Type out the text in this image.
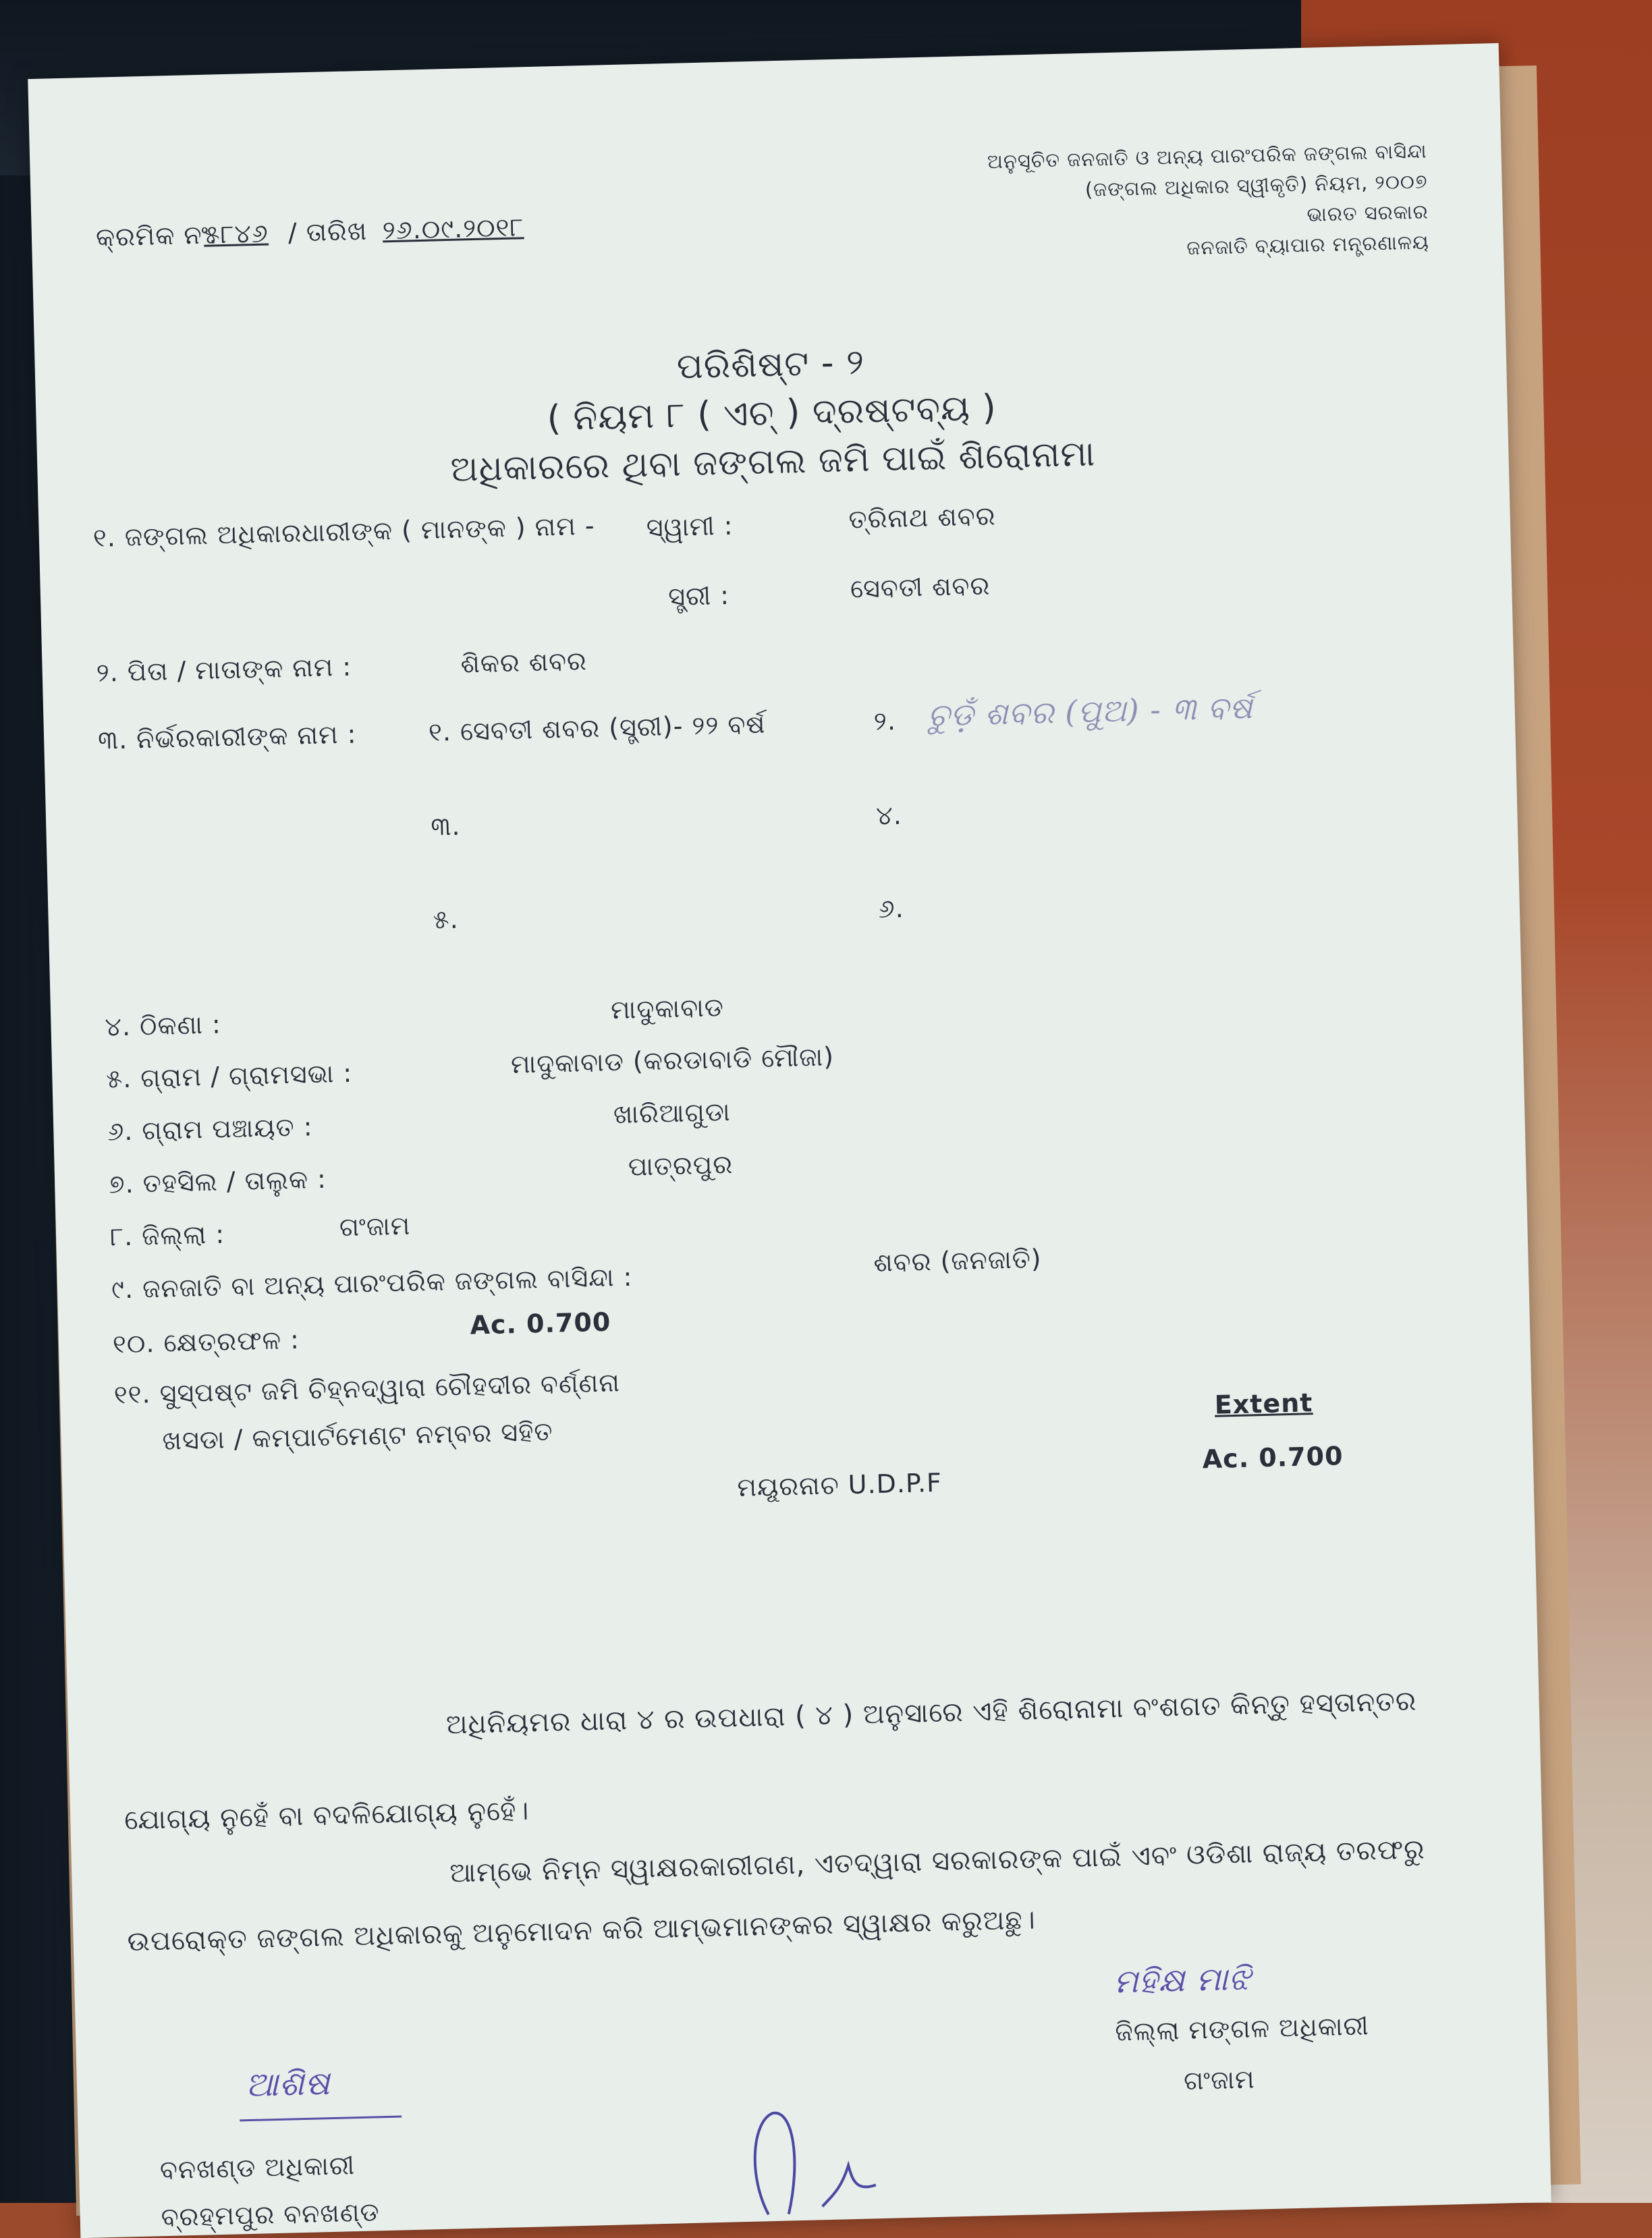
କ୍ରମିକ ନଂ.
୫୮୪୬ / ତାରିଖ ୨୬.୦୯.୨୦୧୮
ଅନୁସୂଚିତ ଜନଜାତି ଓ ଅନ୍ୟ ପାରଂପରିକ ଜଙ୍ଗଲ ବାସିନ୍ଦା
(ଜଙ୍ଗଲ ଅଧିକାର ସ୍ୱୀକୃତି) ନିୟମ, ୨୦୦୭
ଭାରତ ସରକାର
ଜନଜାତି ବ୍ୟାପାର ମନ୍ତ୍ରଣାଳୟ
ପରିଶିଷ୍ଟ - ୨
( ନିୟମ ୮ ( ଏଚ୍ ) ଦ୍ରଷ୍ଟବ୍ୟ )
ଅଧିକାରରେ ଥିବା ଜଙ୍ଗଲ ଜମି ପାଇଁ ଶିରୋନାମା
୧. ଜଙ୍ଗଲ ଅଧିକାରଧାରୀଙ୍କ ( ମାନଙ୍କ ) ନାମ - ସ୍ୱାମୀ :	ତ୍ରିନାଥ ଶବର
ସ୍ତ୍ରୀ :	ସେବତୀ ଶବର
୨. ପିତା / ମାତାଙ୍କ ନାମ :	ଶିକର ଶବର
୩. ନିର୍ଭରକାରୀଙ୍କ ନାମ :	୧. ସେବତୀ ଶବର (ସ୍ତ୍ରୀ)- ୨୨ ବର୍ଷ	୨. ଚୁଡ଼ଁ ଶବର (ପୁଅ) - ୩ ବର୍ଷ
୩.	୪.
୫.	୬.
୪. ଠିକଣା :
ମାଦୁକାବାଡ
୫. ଗ୍ରାମ / ଗ୍ରାମସଭା :	ମାଦୁକାବାଡ (କରଡାବାଡି ମୌଜା)
୬. ଗ୍ରାମ ପଞ୍ଚାୟତ :	ଖାରିଆଗୁଡା
୭. ତହସିଲ / ତାଲୁକ :	ପାତ୍ରପୁର
୮. ଜିଲ୍ଲା :	ଗଂଜାମ
୯. ଜନଜାତି ବା ଅନ୍ୟ ପାରଂପରିକ ଜଙ୍ଗଲ ବାସିନ୍ଦା :
ଶବର (ଜନଜାତି)
୧୦. କ୍ଷେତ୍ରଫଳ :
Ac. 0.700
୧୧. ସୁସ୍ପଷ୍ଟ ଜମି ଚିହ୍ନଦ୍ୱାରା ଚୌହଦୀର ବର୍ଣ୍ଣନା
ଖସଡା / କମ୍ପାର୍ଟମେଣ୍ଟ ନମ୍ବର ସହିତ
Extent
ମୟୂରନାଚ U.D.P.F
Ac. 0.700
ଅଧିନିୟମର ଧାରା ୪ ର ଉପଧାରା ( ୪ ) ଅନୁସାରେ ଏହି ଶିରୋନାମା ବଂଶଗତ କିନ୍ତୁ ହସ୍ତାନ୍ତର
ଯୋଗ୍ୟ ନୁହେଁ ବା ବଦଳିଯୋଗ୍ୟ ନୁହେଁ।
ଆମ୍ଭେ ନିମ୍ନ ସ୍ୱାକ୍ଷରକାରୀଗଣ, ଏତଦ୍ୱାରା ସରକାରଙ୍କ ପାଇଁ ଏବଂ ଓଡିଶା ରାଜ୍ୟ ତରଫରୁ
ଉପରୋକ୍ତ ଜଙ୍ଗଲ ଅଧିକାରକୁ ଅନୁମୋଦନ କରି ଆମ୍ଭମାନଙ୍କର ସ୍ୱାକ୍ଷର କରୁଅଛୁ।
ମହିକ୍ଷ ମାଝି
ଜିଲ୍ଲା ମଙ୍ଗଳ ଅଧିକାରୀ
ଗଂଜାମ
ଆଶିଷ
ବନଖଣ୍ଡ ଅଧିକାରୀ
ବ୍ରହ୍ମପୁର ବନଖଣ୍ଡ
